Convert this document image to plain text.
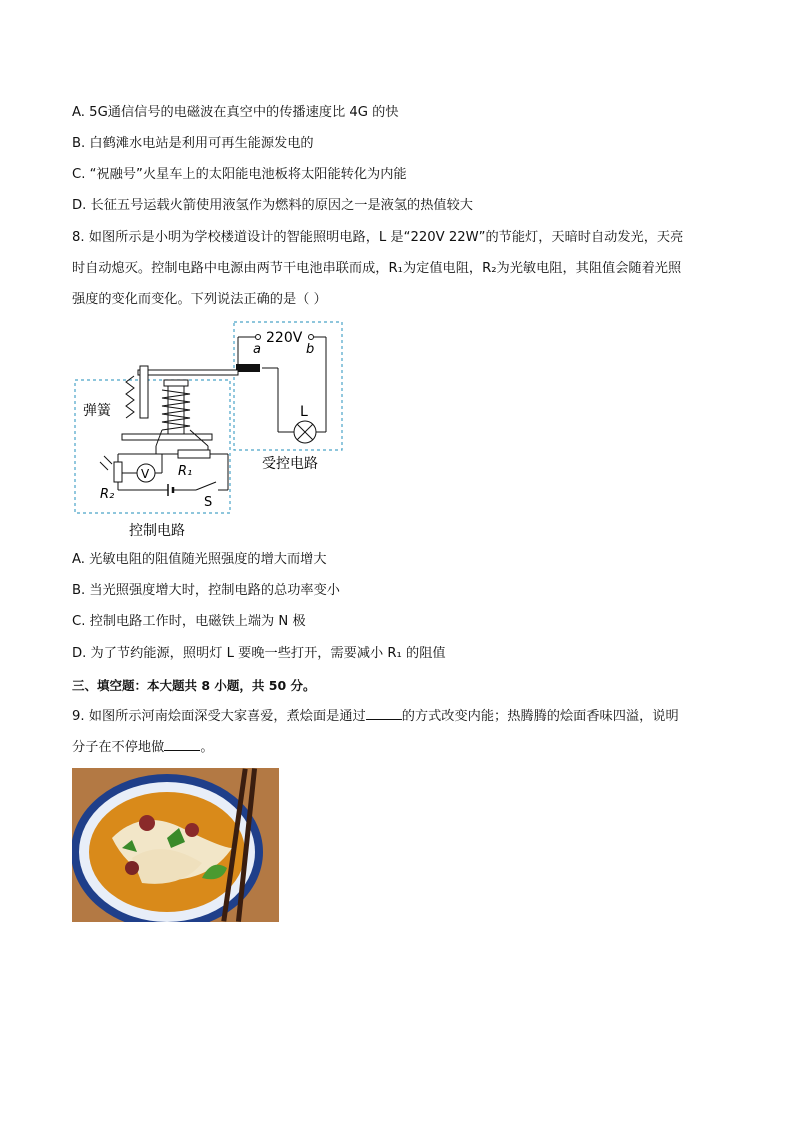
A. 5G通信信号的电磁波在真空中的传播速度比 4G 的快
B. 白鹤滩水电站是利用可再生能源发电的
C. “祝融号”火星车上的太阳能电池板将太阳能转化为内能
D. 长征五号运载火箭使用液氢作为燃料的原因之一是液氢的热值较大
8. 如图所示是小明为学校楼道设计的智能照明电路，L 是“220V 22W”的节能灯，天暗时自动发光，天亮
时自动熄灭。控制电路中电源由两节干电池串联而成，R₁为定值电阻，R₂为光敏电阻，其阻值会随着光照
强度的变化而变化。下列说法正确的是（ ）
220V
a	b
L
受控电路
弹簧
R₁
R₂
V
S
控制电路
A. 光敏电阻的阻值随光照强度的增大而增大
B. 当光照强度增大时，控制电路的总功率变小
C. 控制电路工作时，电磁铁上端为 N 极
D. 为了节约能源，照明灯 L 要晚一些打开，需要减小 R₁ 的阻值
三、填空题：本大题共 8 小题，共 50 分。
9. 如图所示河南烩面深受大家喜爱，煮烩面是通过	的方式改变内能；热腾腾的烩面香味四溢，说明
分子在不停地做	。
